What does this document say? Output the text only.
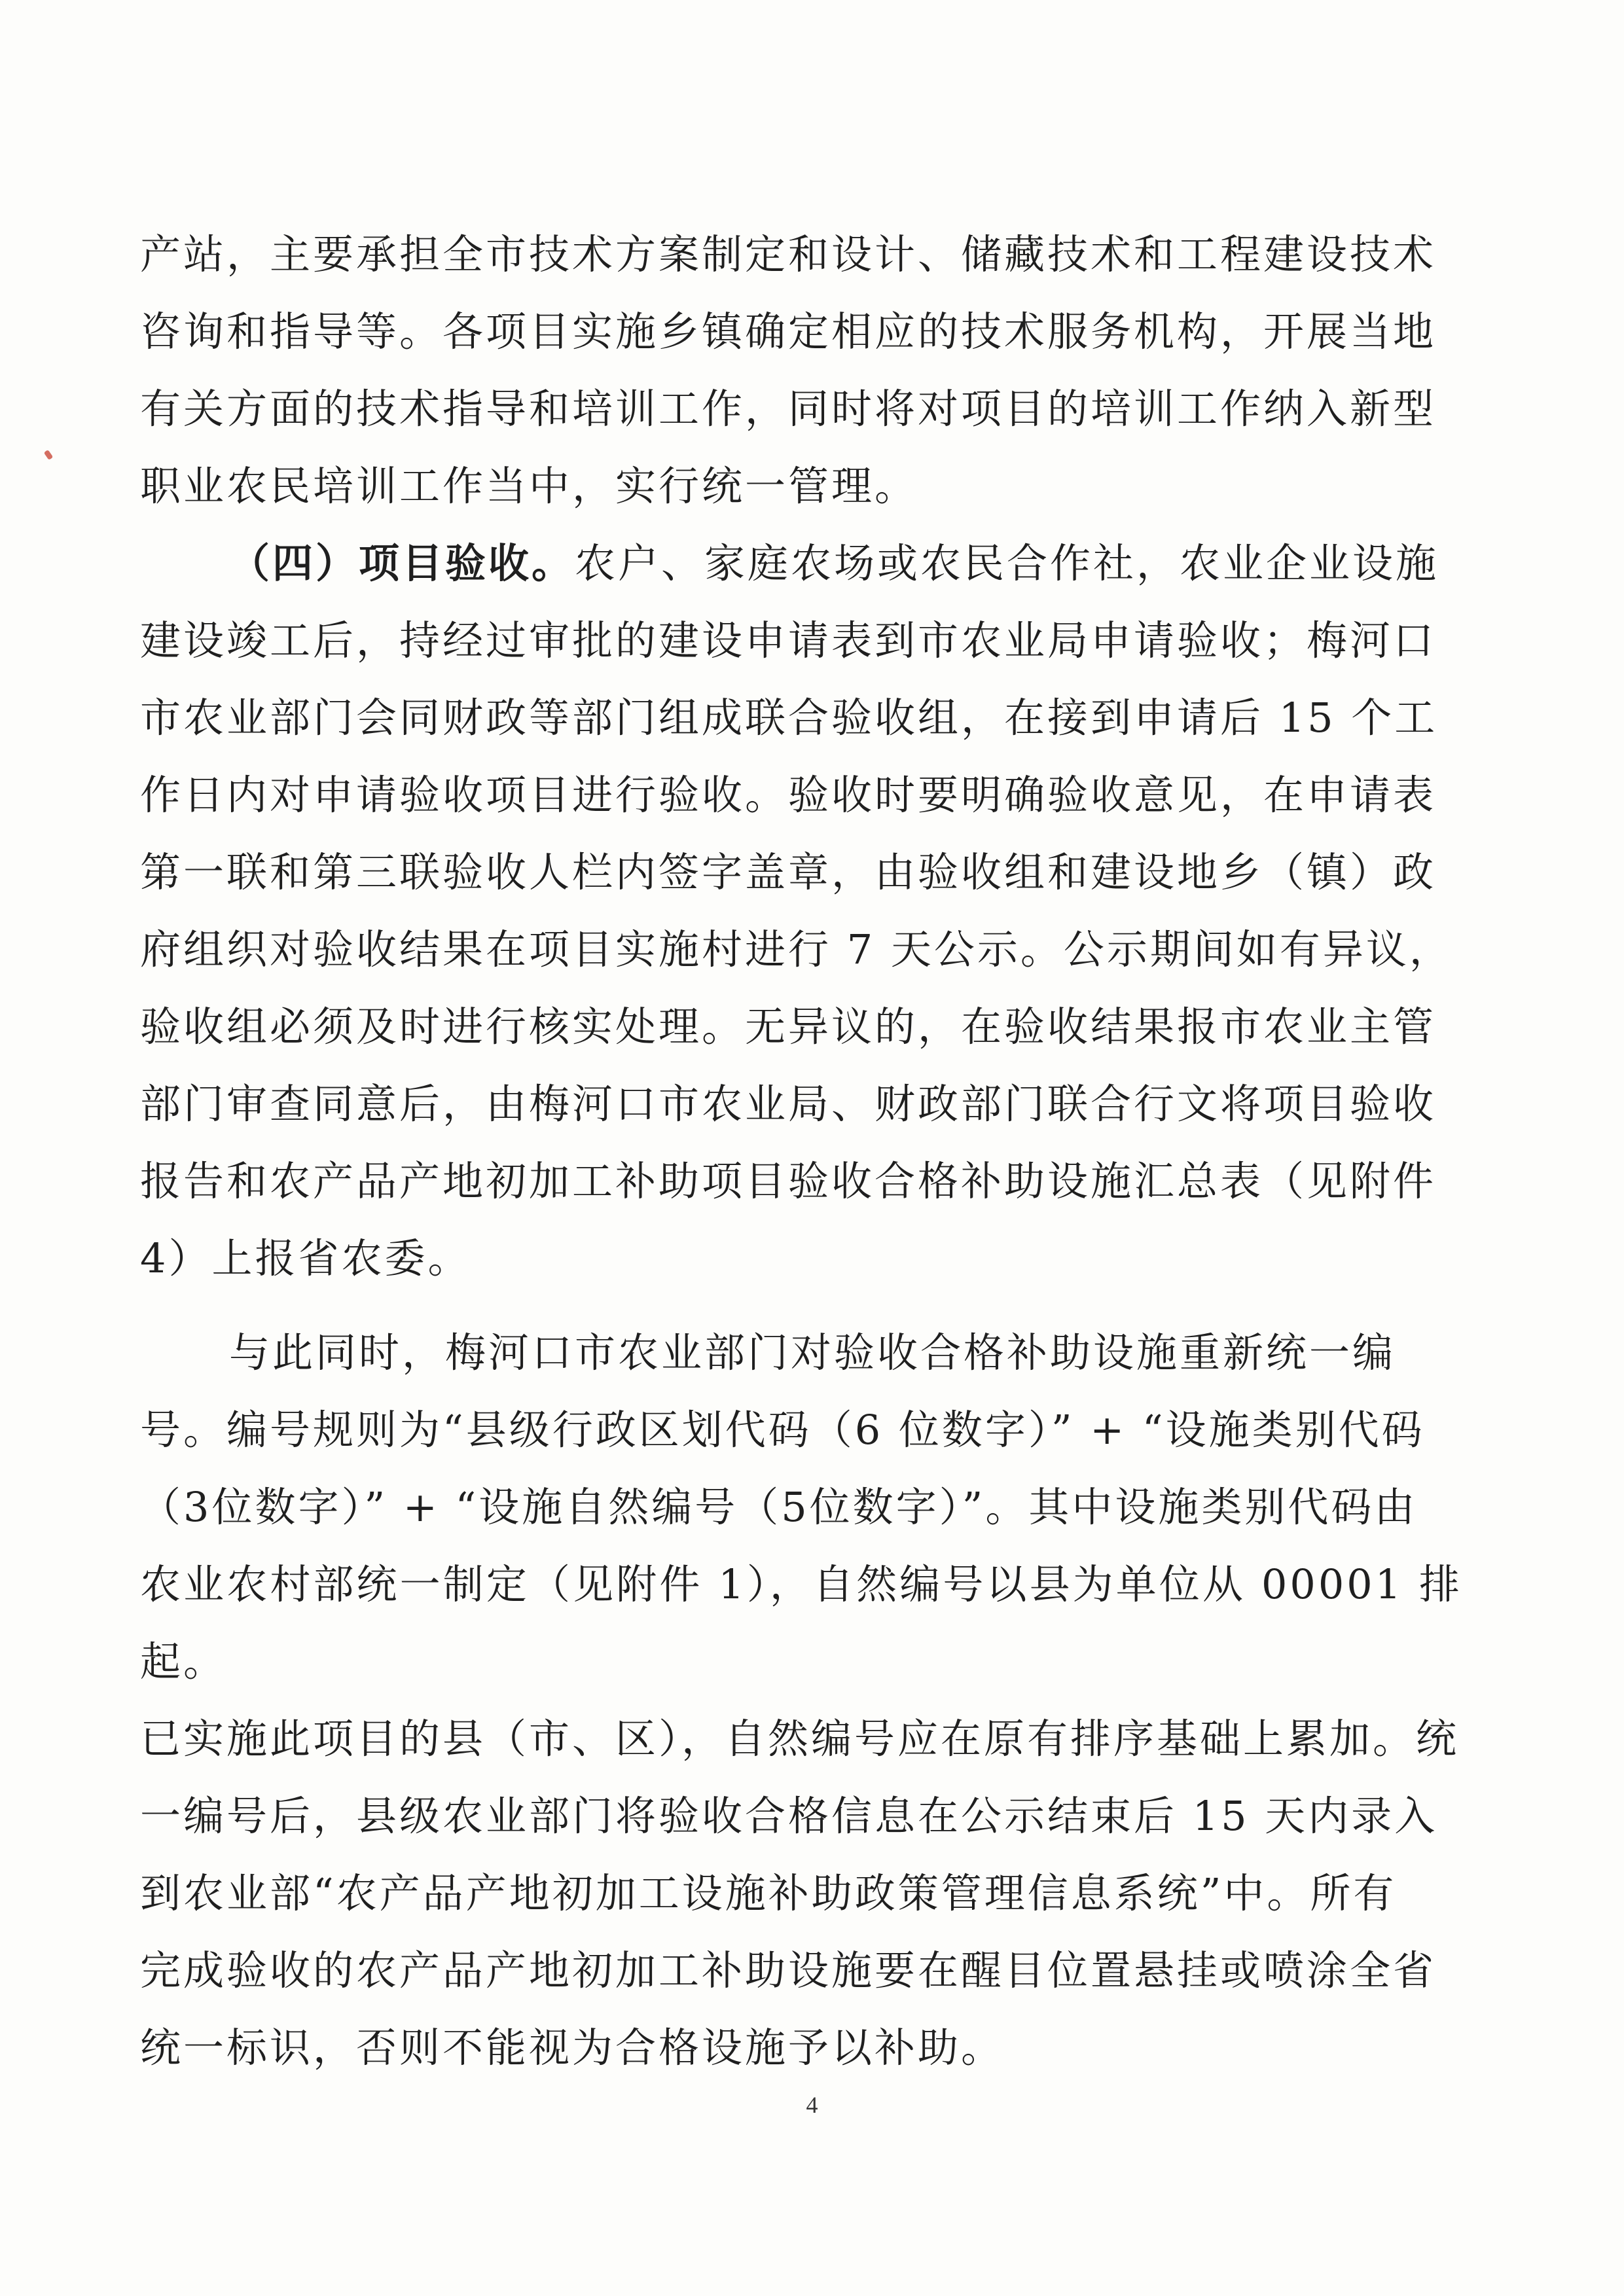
产站，主要承担全市技术方案制定和设计、储藏技术和工程建设技术

咨询和指导等。各项目实施乡镇确定相应的技术服务机构，开展当地

有关方面的技术指导和培训工作，同时将对项目的培训工作纳入新型

职业农民培训工作当中，实行统一管理。

（四）项目验收。农户、家庭农场或农民合作社，农业企业设施

建设竣工后，持经过审批的建设申请表到市农业局申请验收；梅河口

市农业部门会同财政等部门组成联合验收组，在接到申请后 15 个工

作日内对申请验收项目进行验收。验收时要明确验收意见，在申请表

第一联和第三联验收人栏内签字盖章，由验收组和建设地乡（镇）政

府组织对验收结果在项目实施村进行 7 天公示。公示期间如有异议，

验收组必须及时进行核实处理。无异议的，在验收结果报市农业主管

部门审查同意后，由梅河口市农业局、财政部门联合行文将项目验收

报告和农产品产地初加工补助项目验收合格补助设施汇总表（见附件

4）上报省农委。

与此同时，梅河口市农业部门对验收合格补助设施重新统一编

号。编号规则为“县级行政区划代码（6 位数字）” + “设施类别代码

（3位数字）” + “设施自然编号（5位数字）”。其中设施类别代码由

农业农村部统一制定（见附件 1），自然编号以县为单位从 00001 排起。

已实施此项目的县（市、区），自然编号应在原有排序基础上累加。统

一编号后，县级农业部门将验收合格信息在公示结束后 15 天内录入

到农业部“农产品产地初加工设施补助政策管理信息系统”中。所有

完成验收的农产品产地初加工补助设施要在醒目位置悬挂或喷涂全省

统一标识，否则不能视为合格设施予以补助。

4
